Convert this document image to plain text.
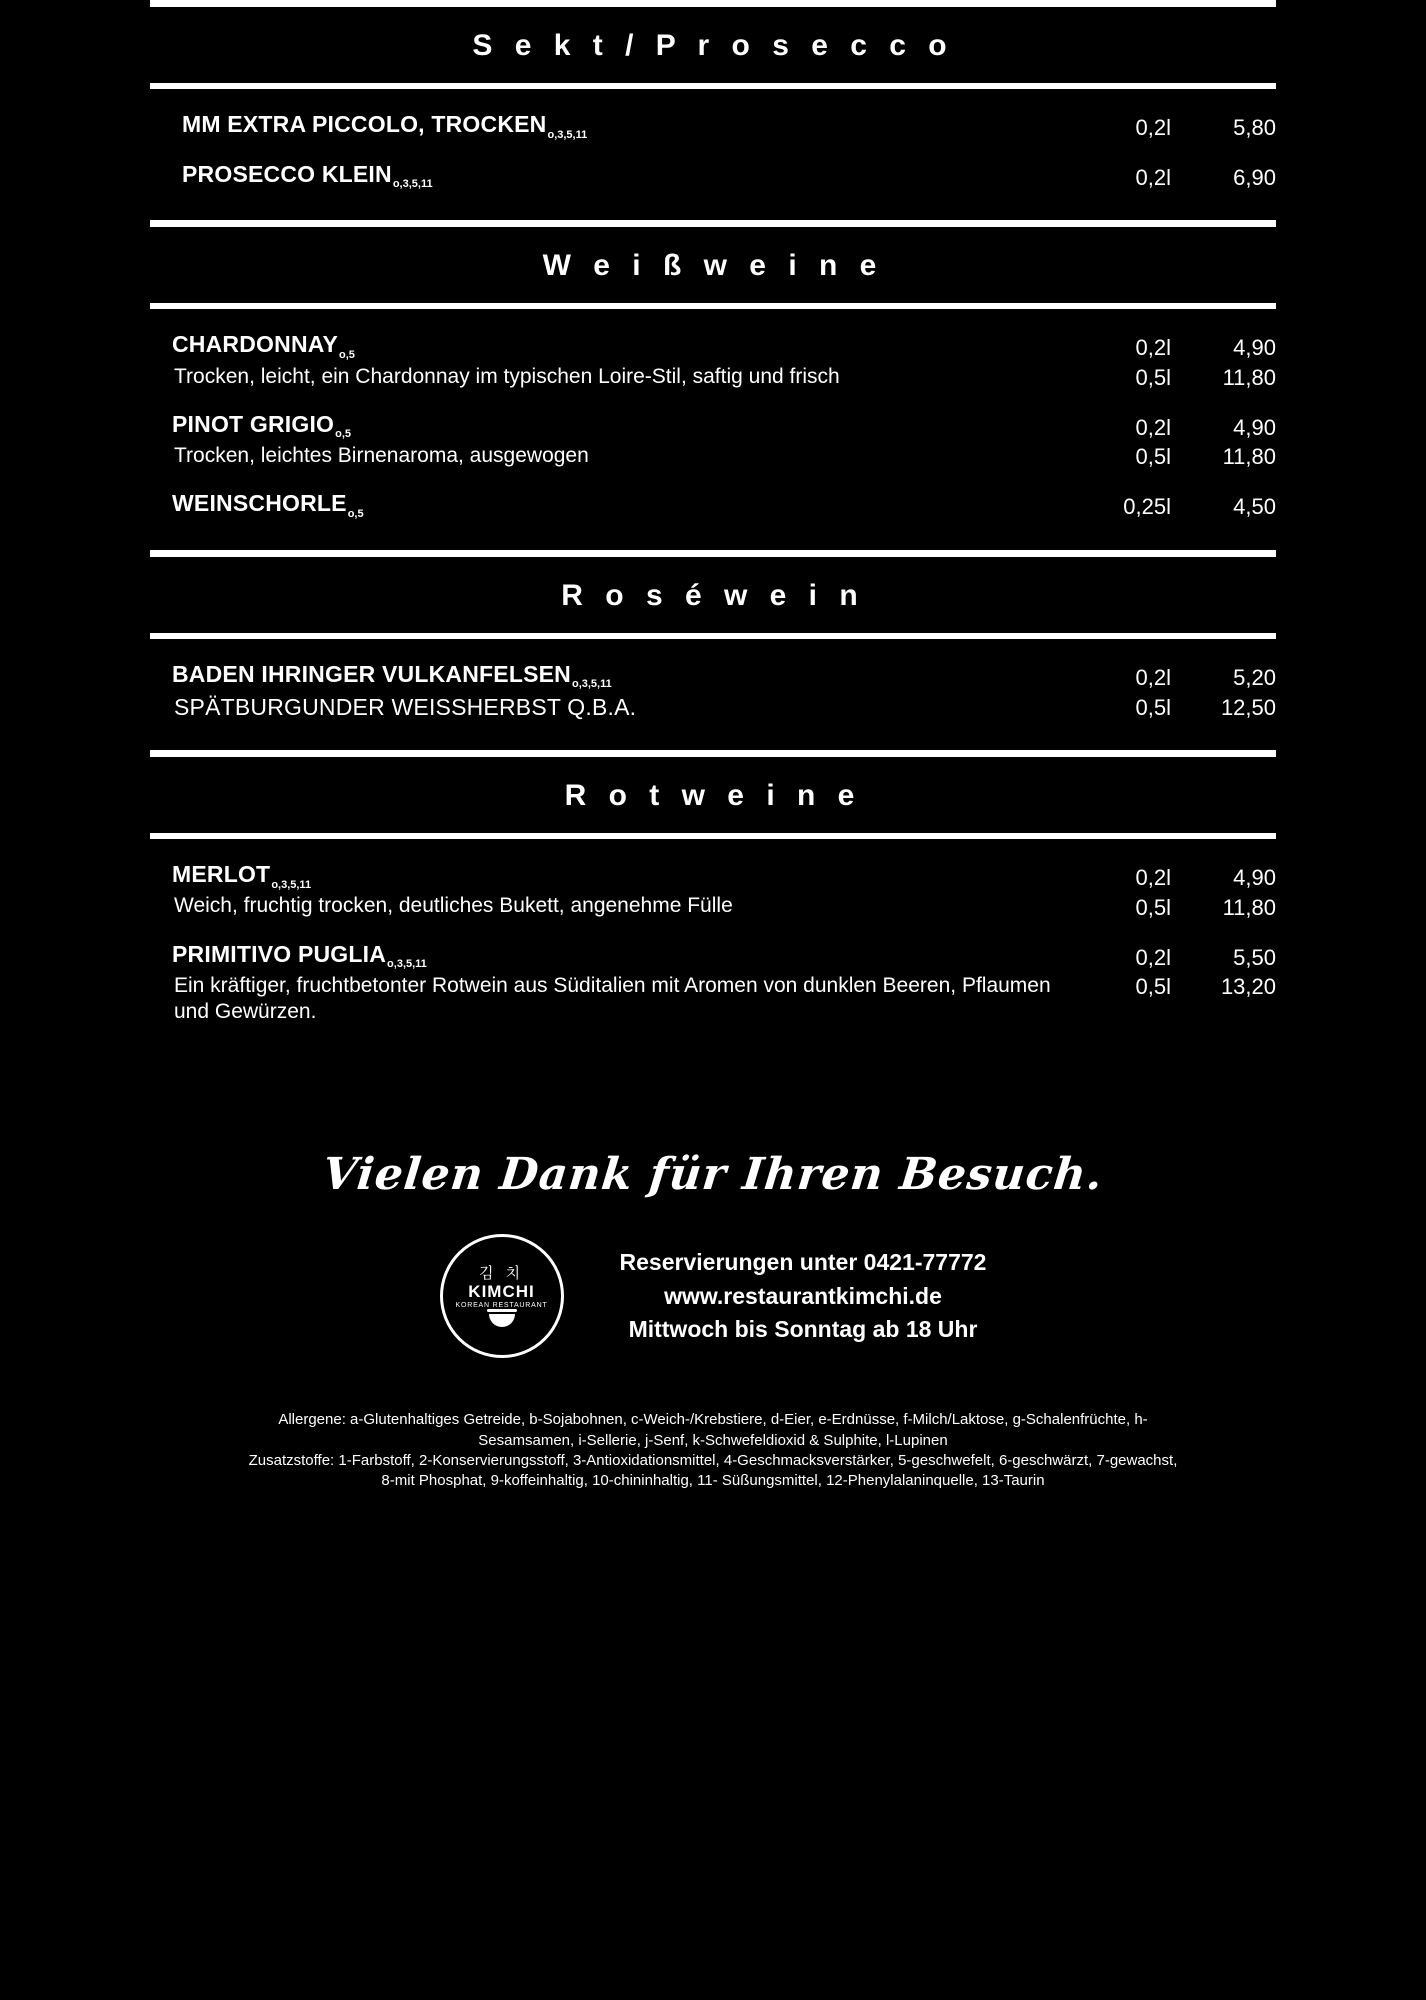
S e k t / P r o s e c c o
MM EXTRA PICCOLO, $TROCKEN_{o,3,5,11}$	0,2l	5,80
PROSECCO $KLEIN_{o,3,5,11}$	0,2l	6,90
W e i ß w e i n e
$CHARDONNAY_{o,5}$
Trocken, leicht, ein Chardonnay im typischen Loire-Stil, saftig und frisch
0,2l	4,90
0,5l	11,80
PINOT $GRIGIO_{o,5}$
Trocken, leichtes Birnenaroma, ausgewogen
0,2l	4,90
0,5l	11,80
$WEINSCHORLE_{o,5}$	0,25l	4,50
R o s é w e i n
BADEN IHRINGER $VULKANFELSEN_{o,3,5,11}$
SPÄTBURGUNDER WEISSHERBST Q.B.A.
0,2l	5,20
0,5l	12,50
R o t w e i n e
$MERLOT_{o,3,5,11}$
Weich, fruchtig trocken, deutliches Bukett, angenehme Fülle
0,2l	4,90
0,5l	11,80
PRIMITIVO $PUGLIA_{o,3,5,11}$
Ein kräftiger, fruchtbetonter Rotwein aus Süditalien mit Aromen von dunklen Beeren, Pflaumen und Gewürzen.
0,2l	5,50
0,5l	13,20
Vielen Dank für Ihren Besuch.
김 치
KIMCHI
KOREAN RESTAURANT
Reservierungen unter 0421-77772
www.restaurantkimchi.de
Mittwoch bis Sonntag ab 18 Uhr
Allergene: a-Glutenhaltiges Getreide, b-Sojabohnen, c-Weich-/Krebstiere, d-Eier, e-Erdnüsse, f-Milch/Laktose, g-Schalenfrüchte, h-
Sesamsamen, i-Sellerie, j-Senf, k-Schwefeldioxid & Sulphite, l-Lupinen
Zusatzstoffe: 1-Farbstoff, 2-Konservierungsstoff, 3-Antioxidationsmittel, 4-Geschmacksverstärker, 5-geschwefelt, 6-geschwärzt, 7-gewachst,
8-mit Phosphat, 9-koffeinhaltig, 10-chininhaltig, 11- Süßungsmittel, 12-Phenylalaninquelle, 13-Taurin
